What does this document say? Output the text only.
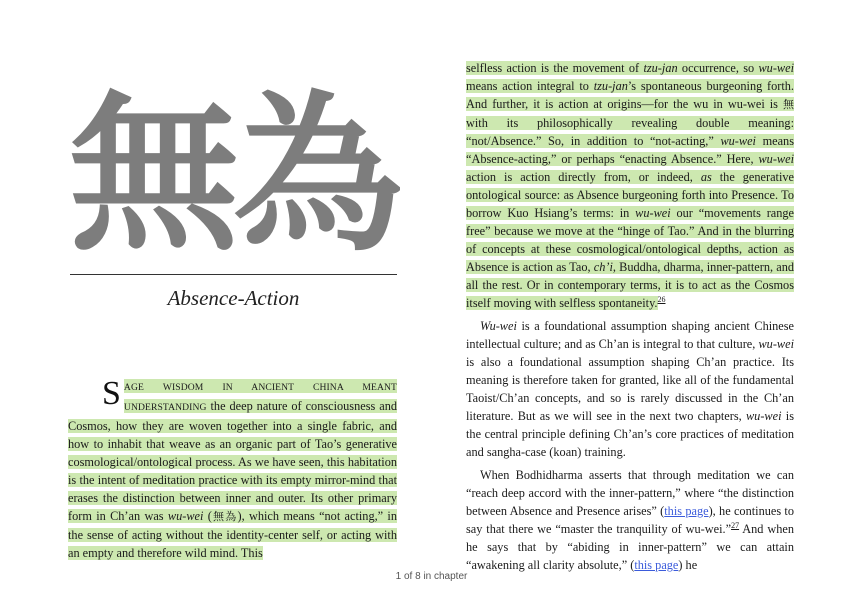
無為
Absence-Action

SAGE WISDOM IN ANCIENT CHINA MEANT UNDERSTANDING the deep nature of consciousness and Cosmos, how they are woven together into a single fabric, and how to inhabit that weave as an organic part of Tao’s generative cosmological/ontological process. As we have seen, this habitation is the intent of meditation practice with its empty mirror-mind that erases the distinction between inner and outer. Its other primary form in Ch’an was wu-wei (無為), which means “not acting,” in the sense of acting without the identity-center self, or acting with an empty and therefore wild mind. This

selfless action is the movement of tzu-jan occurrence, so wu-wei means action integral to tzu-jan’s spontaneous burgeoning forth. And further, it is action at origins—for the wu in wu-wei is 無 with its philosophically revealing double meaning: “not/Absence.” So, in addition to “not-acting,” wu-wei means “Absence-acting,” or perhaps “enacting Absence.” Here, wu-wei action is action directly from, or indeed, as the generative ontological source: as Absence burgeoning forth into Presence. To borrow Kuo Hsiang’s terms: in wu-wei our “movements range free” because we move at the “hinge of Tao.” And in the blurring of concepts at these cosmological/ontological depths, action as Absence is action as Tao, ch’i, Buddha, dharma, inner-pattern, and all the rest. Or in contemporary terms, it is to act as the Cosmos itself moving with selfless spontaneity.$^{26}$

Wu-wei is a foundational assumption shaping ancient Chinese intellectual culture; and as Ch’an is integral to that culture, wu-wei is also a foundational assumption shaping Ch’an practice. Its meaning is therefore taken for granted, like all of the fundamental Taoist/Ch’an concepts, and so is rarely discussed in the Ch’an literature. But as we will see in the next two chapters, wu-wei is the central principle defining Ch’an’s core practices of meditation and sangha-case (koan) training.

When Bodhidharma asserts that through meditation we can “reach deep accord with the inner-pattern,” where “the distinction between Absence and Presence arises” (this page), he continues to say that there we “master the tranquility of wu-wei.”$^{27}$ And when he says that by “abiding in inner-pattern” we can attain “awakening all clarity absolute,” (this page) he

1 of 8 in chapter
